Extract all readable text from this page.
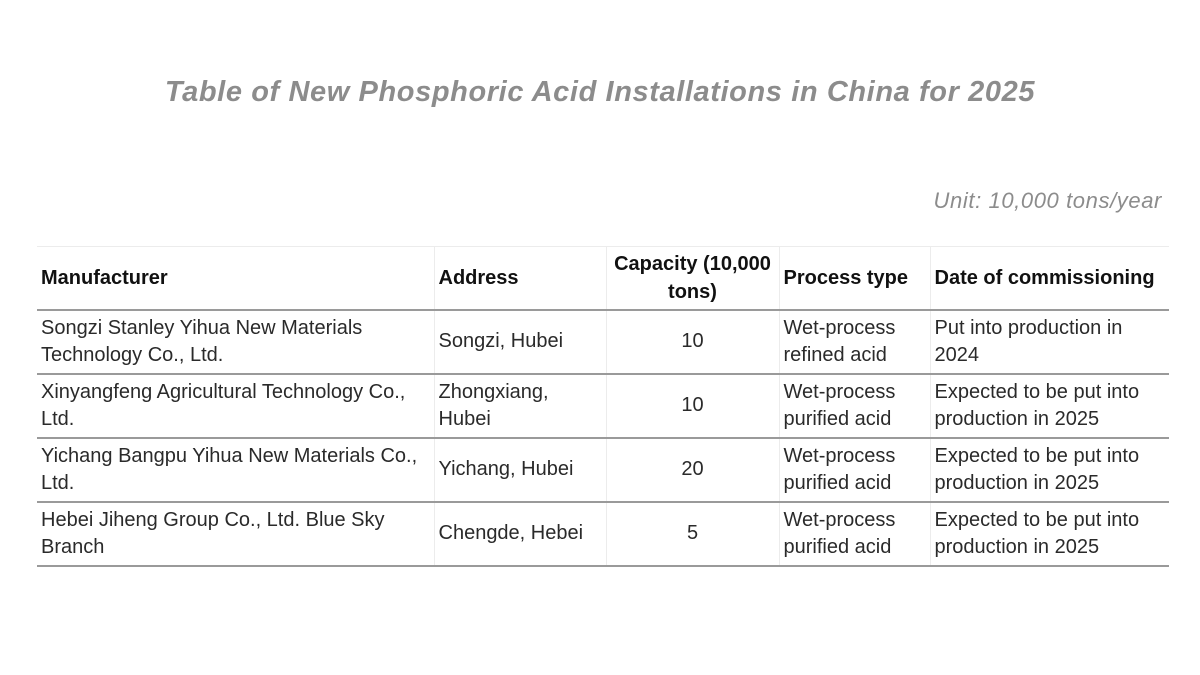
Table of New Phosphoric Acid Installations in China for 2025
Unit: 10,000 tons/year
Manufacturer	Address	Capacity (10,000 tons)	Process type	Date of commissioning
Songzi Stanley Yihua New Materials Technology Co., Ltd.	Songzi, Hubei	10	Wet-process refined acid	Put into production in 2024
Xinyangfeng Agricultural Technology Co., Ltd.	Zhongxiang, Hubei	10	Wet-process purified acid	Expected to be put into production in 2025
Yichang Bangpu Yihua New Materials Co., Ltd.	Yichang, Hubei	20	Wet-process purified acid	Expected to be put into production in 2025
Hebei Jiheng Group Co., Ltd. Blue Sky Branch	Chengde, Hebei	5	Wet-process purified acid	Expected to be put into production in 2025
